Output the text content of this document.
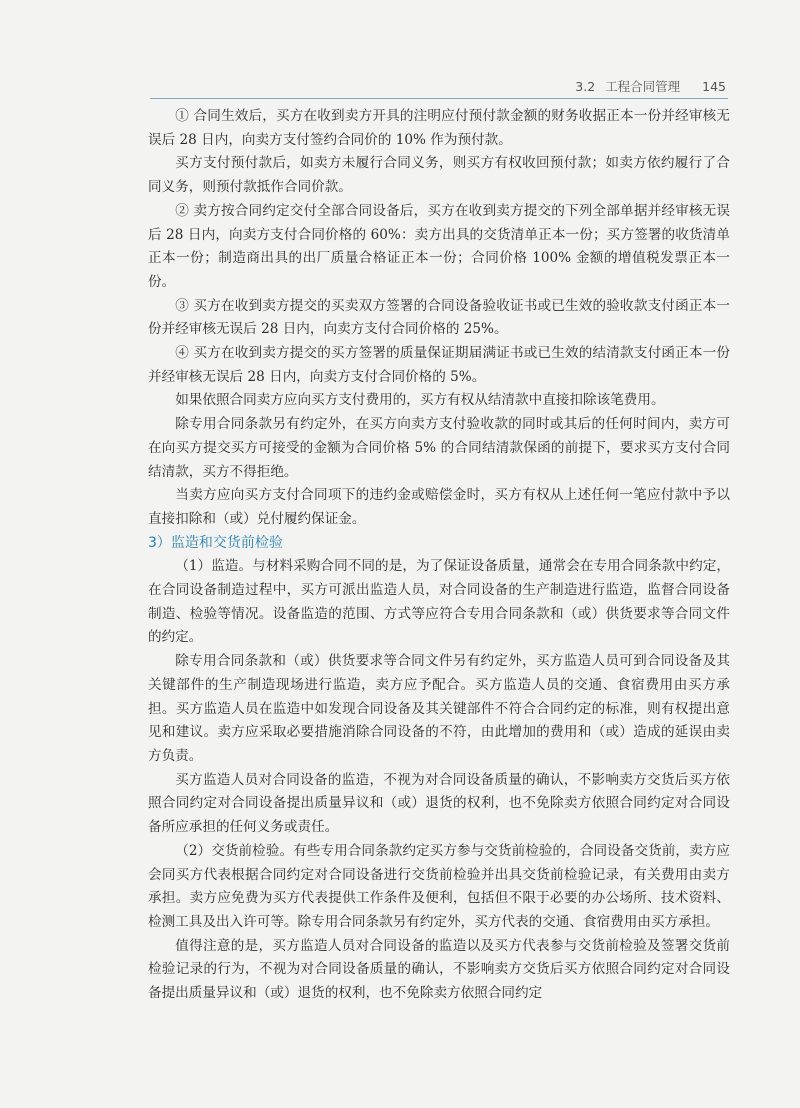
3.2 工程合同管理 145

① 合同生效后，买方在收到卖方开具的注明应付预付款金额的财务收据正本一份并经审核无误后 28 日内，向卖方支付签约合同价的 10% 作为预付款。

买方支付预付款后，如卖方未履行合同义务，则买方有权收回预付款；如卖方依约履行了合同义务，则预付款抵作合同价款。

② 卖方按合同约定交付全部合同设备后，买方在收到卖方提交的下列全部单据并经审核无误后 28 日内，向卖方支付合同价格的 60%：卖方出具的交货清单正本一份；买方签署的收货清单正本一份；制造商出具的出厂质量合格证正本一份；合同价格 100% 金额的增值税发票正本一份。

③ 买方在收到卖方提交的买卖双方签署的合同设备验收证书或已生效的验收款支付函正本一份并经审核无误后 28 日内，向卖方支付合同价格的 25%。

④ 买方在收到卖方提交的买方签署的质量保证期届满证书或已生效的结清款支付函正本一份并经审核无误后 28 日内，向卖方支付合同价格的 5%。

如果依照合同卖方应向买方支付费用的，买方有权从结清款中直接扣除该笔费用。

除专用合同条款另有约定外，在买方向卖方支付验收款的同时或其后的任何时间内，卖方可在向买方提交买方可接受的金额为合同价格 5% 的合同结清款保函的前提下，要求买方支付合同结清款，买方不得拒绝。

当卖方应向买方支付合同项下的违约金或赔偿金时，买方有权从上述任何一笔应付款中予以直接扣除和（或）兑付履约保证金。

3）监造和交货前检验

（1）监造。与材料采购合同不同的是，为了保证设备质量，通常会在专用合同条款中约定，在合同设备制造过程中，买方可派出监造人员，对合同设备的生产制造进行监造，监督合同设备制造、检验等情况。设备监造的范围、方式等应符合专用合同条款和（或）供货要求等合同文件的约定。

除专用合同条款和（或）供货要求等合同文件另有约定外，买方监造人员可到合同设备及其关键部件的生产制造现场进行监造，卖方应予配合。买方监造人员的交通、食宿费用由买方承担。买方监造人员在监造中如发现合同设备及其关键部件不符合合同约定的标准，则有权提出意见和建议。卖方应采取必要措施消除合同设备的不符，由此增加的费用和（或）造成的延误由卖方负责。

买方监造人员对合同设备的监造，不视为对合同设备质量的确认，不影响卖方交货后买方依照合同约定对合同设备提出质量异议和（或）退货的权利，也不免除卖方依照合同约定对合同设备所应承担的任何义务或责任。

（2）交货前检验。有些专用合同条款约定买方参与交货前检验的，合同设备交货前，卖方应会同买方代表根据合同约定对合同设备进行交货前检验并出具交货前检验记录，有关费用由卖方承担。卖方应免费为买方代表提供工作条件及便利，包括但不限于必要的办公场所、技术资料、检测工具及出入许可等。除专用合同条款另有约定外，买方代表的交通、食宿费用由买方承担。

值得注意的是，买方监造人员对合同设备的监造以及买方代表参与交货前检验及签署交货前检验记录的行为，不视为对合同设备质量的确认，不影响卖方交货后买方依照合同约定对合同设备提出质量异议和（或）退货的权利，也不免除卖方依照合同约定
